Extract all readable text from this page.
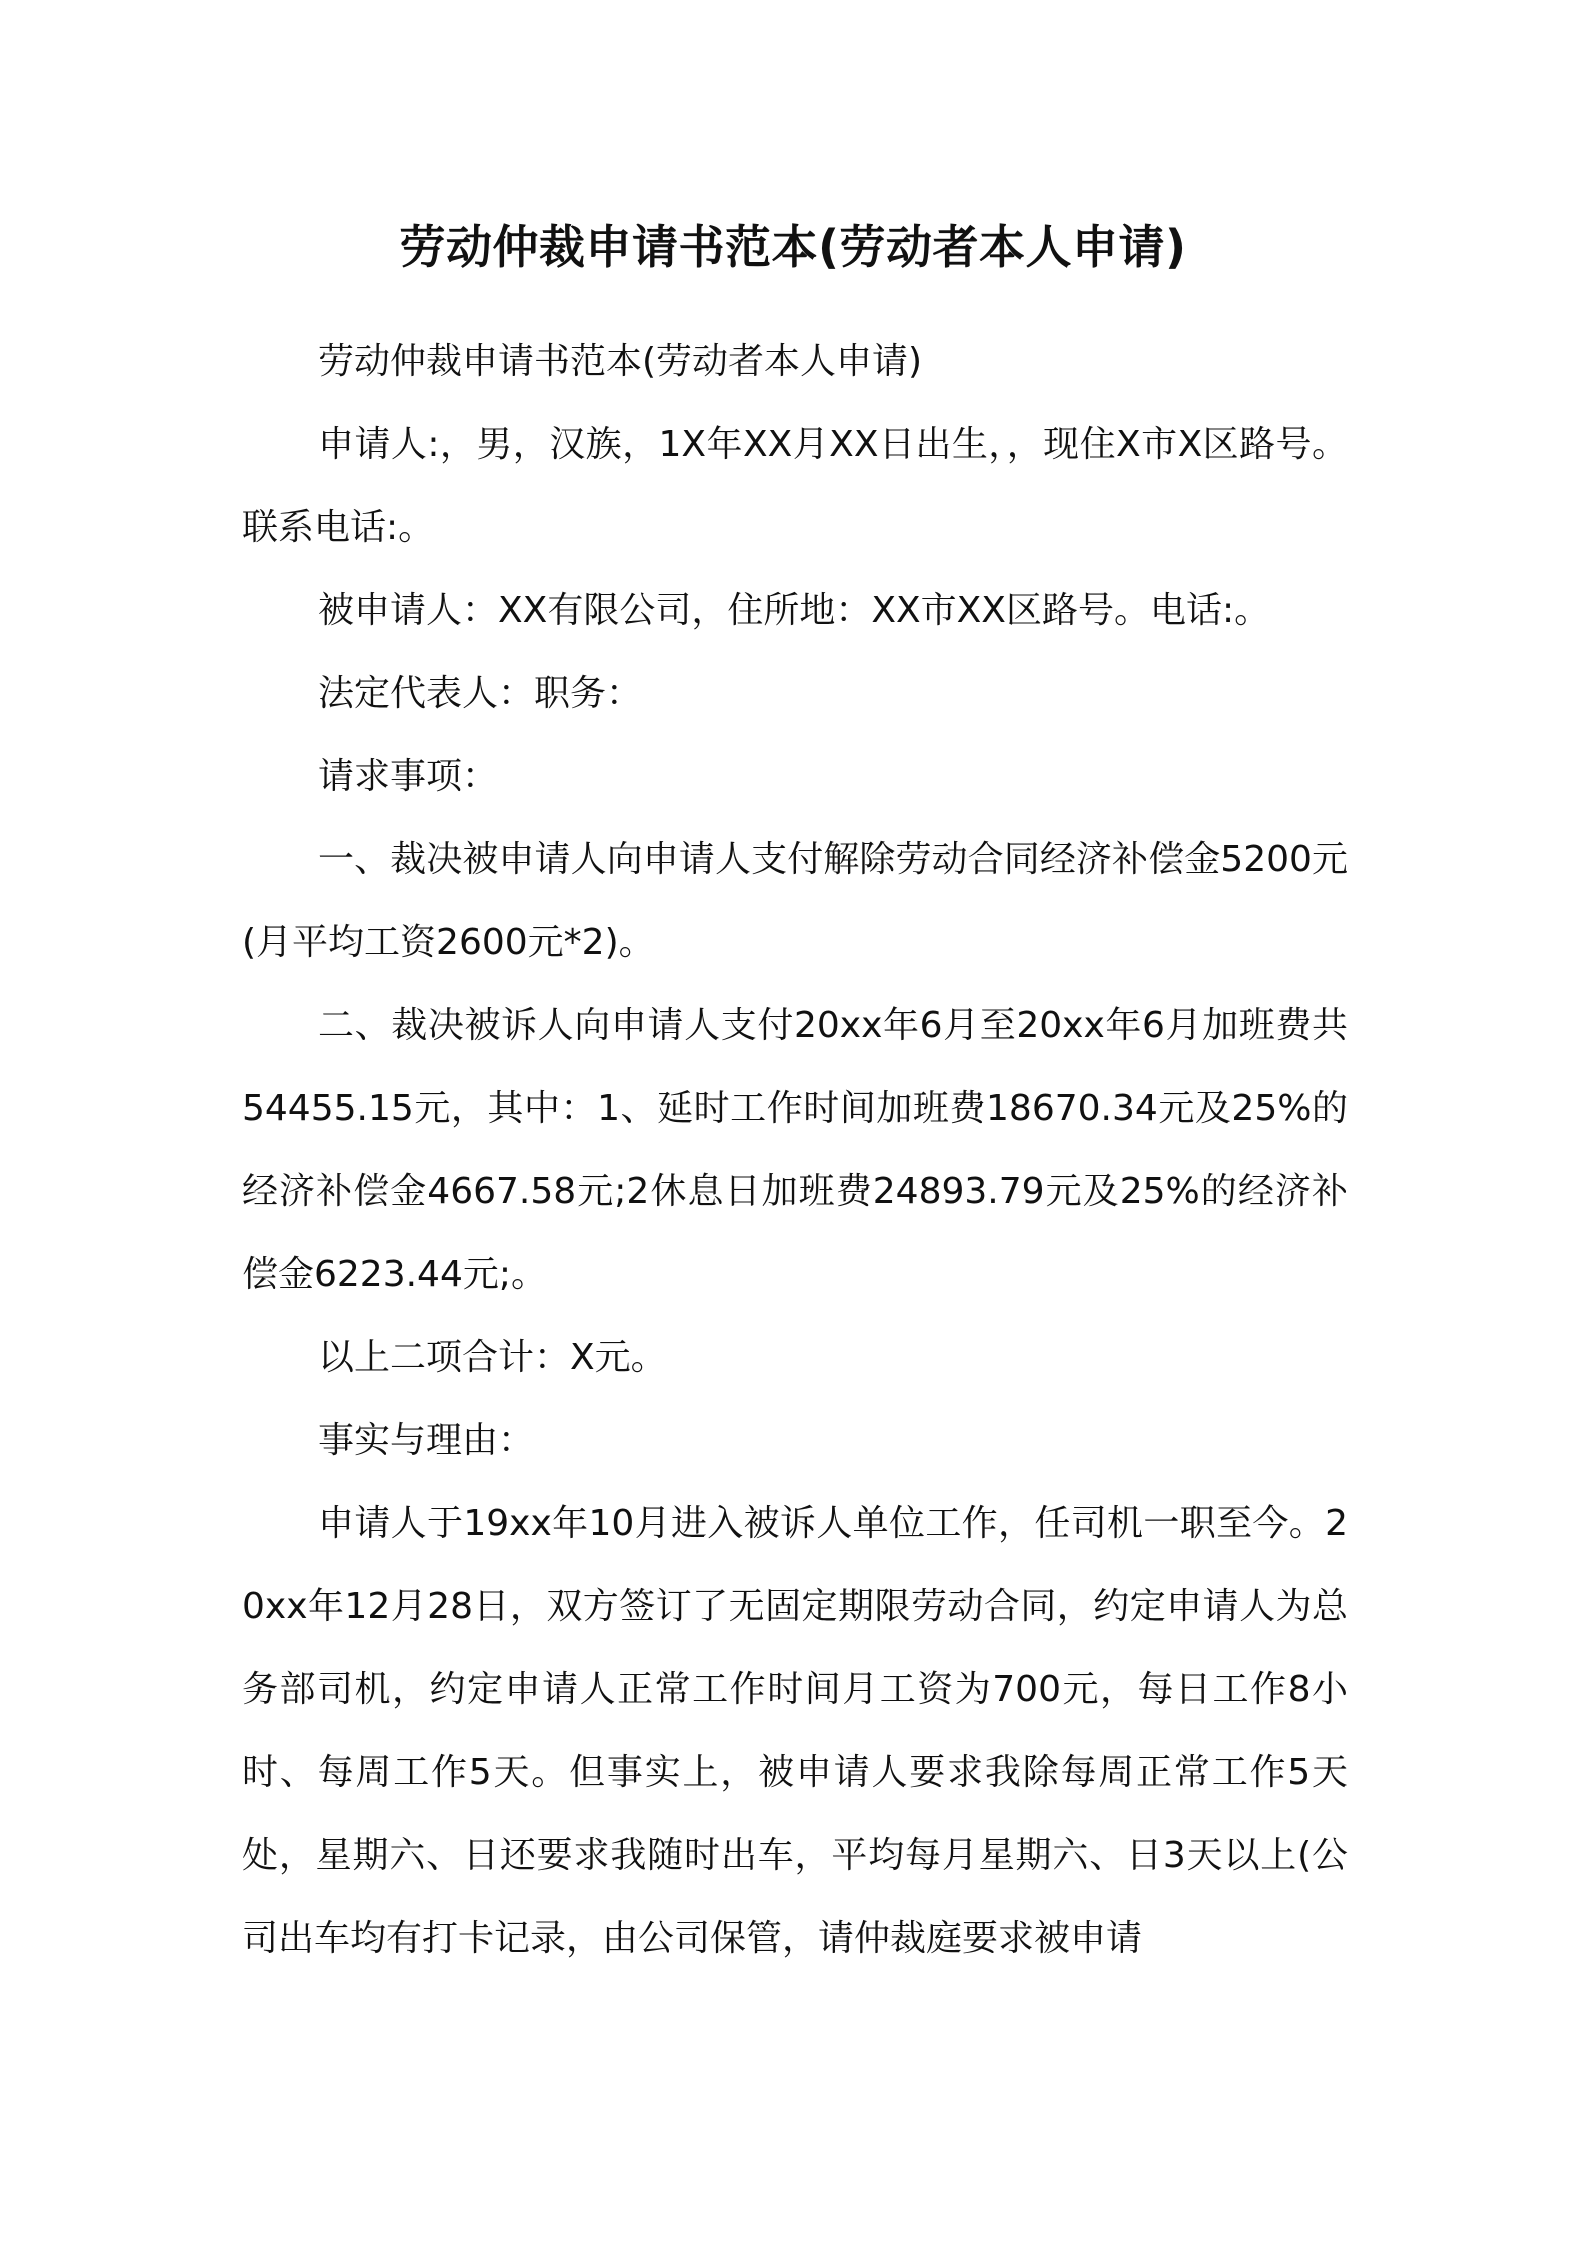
劳动仲裁申请书范本(劳动者本人申请)

劳动仲裁申请书范本(劳动者本人申请)

申请人:，男，汉族，1X年XX月XX日出生，，现住X市X区路号。联系电话:。

被申请人：XX有限公司，住所地：XX市XX区路号。电话:。

法定代表人：职务：

请求事项：

一、裁决被申请人向申请人支付解除劳动合同经济补偿金5200元(月平均工资2600元*2)。

二、裁决被诉人向申请人支付20xx年6月至20xx年6月加班费共54455.15元，其中：1、延时工作时间加班费18670.34元及25%的经济补偿金4667.58元;2休息日加班费24893.79元及25%的经济补偿金6223.44元;。

以上二项合计：X元。

事实与理由：

申请人于19xx年10月进入被诉人单位工作，任司机一职至今。20xx年12月28日，双方签订了无固定期限劳动合同，约定申请人为总务部司机，约定申请人正常工作时间月工资为700元，每日工作8小时、每周工作5天。但事实上，被申请人要求我除每周正常工作5天处，星期六、日还要求我随时出车，平均每月星期六、日3天以上(公司出车均有打卡记录，由公司保管，请仲裁庭要求被申请
